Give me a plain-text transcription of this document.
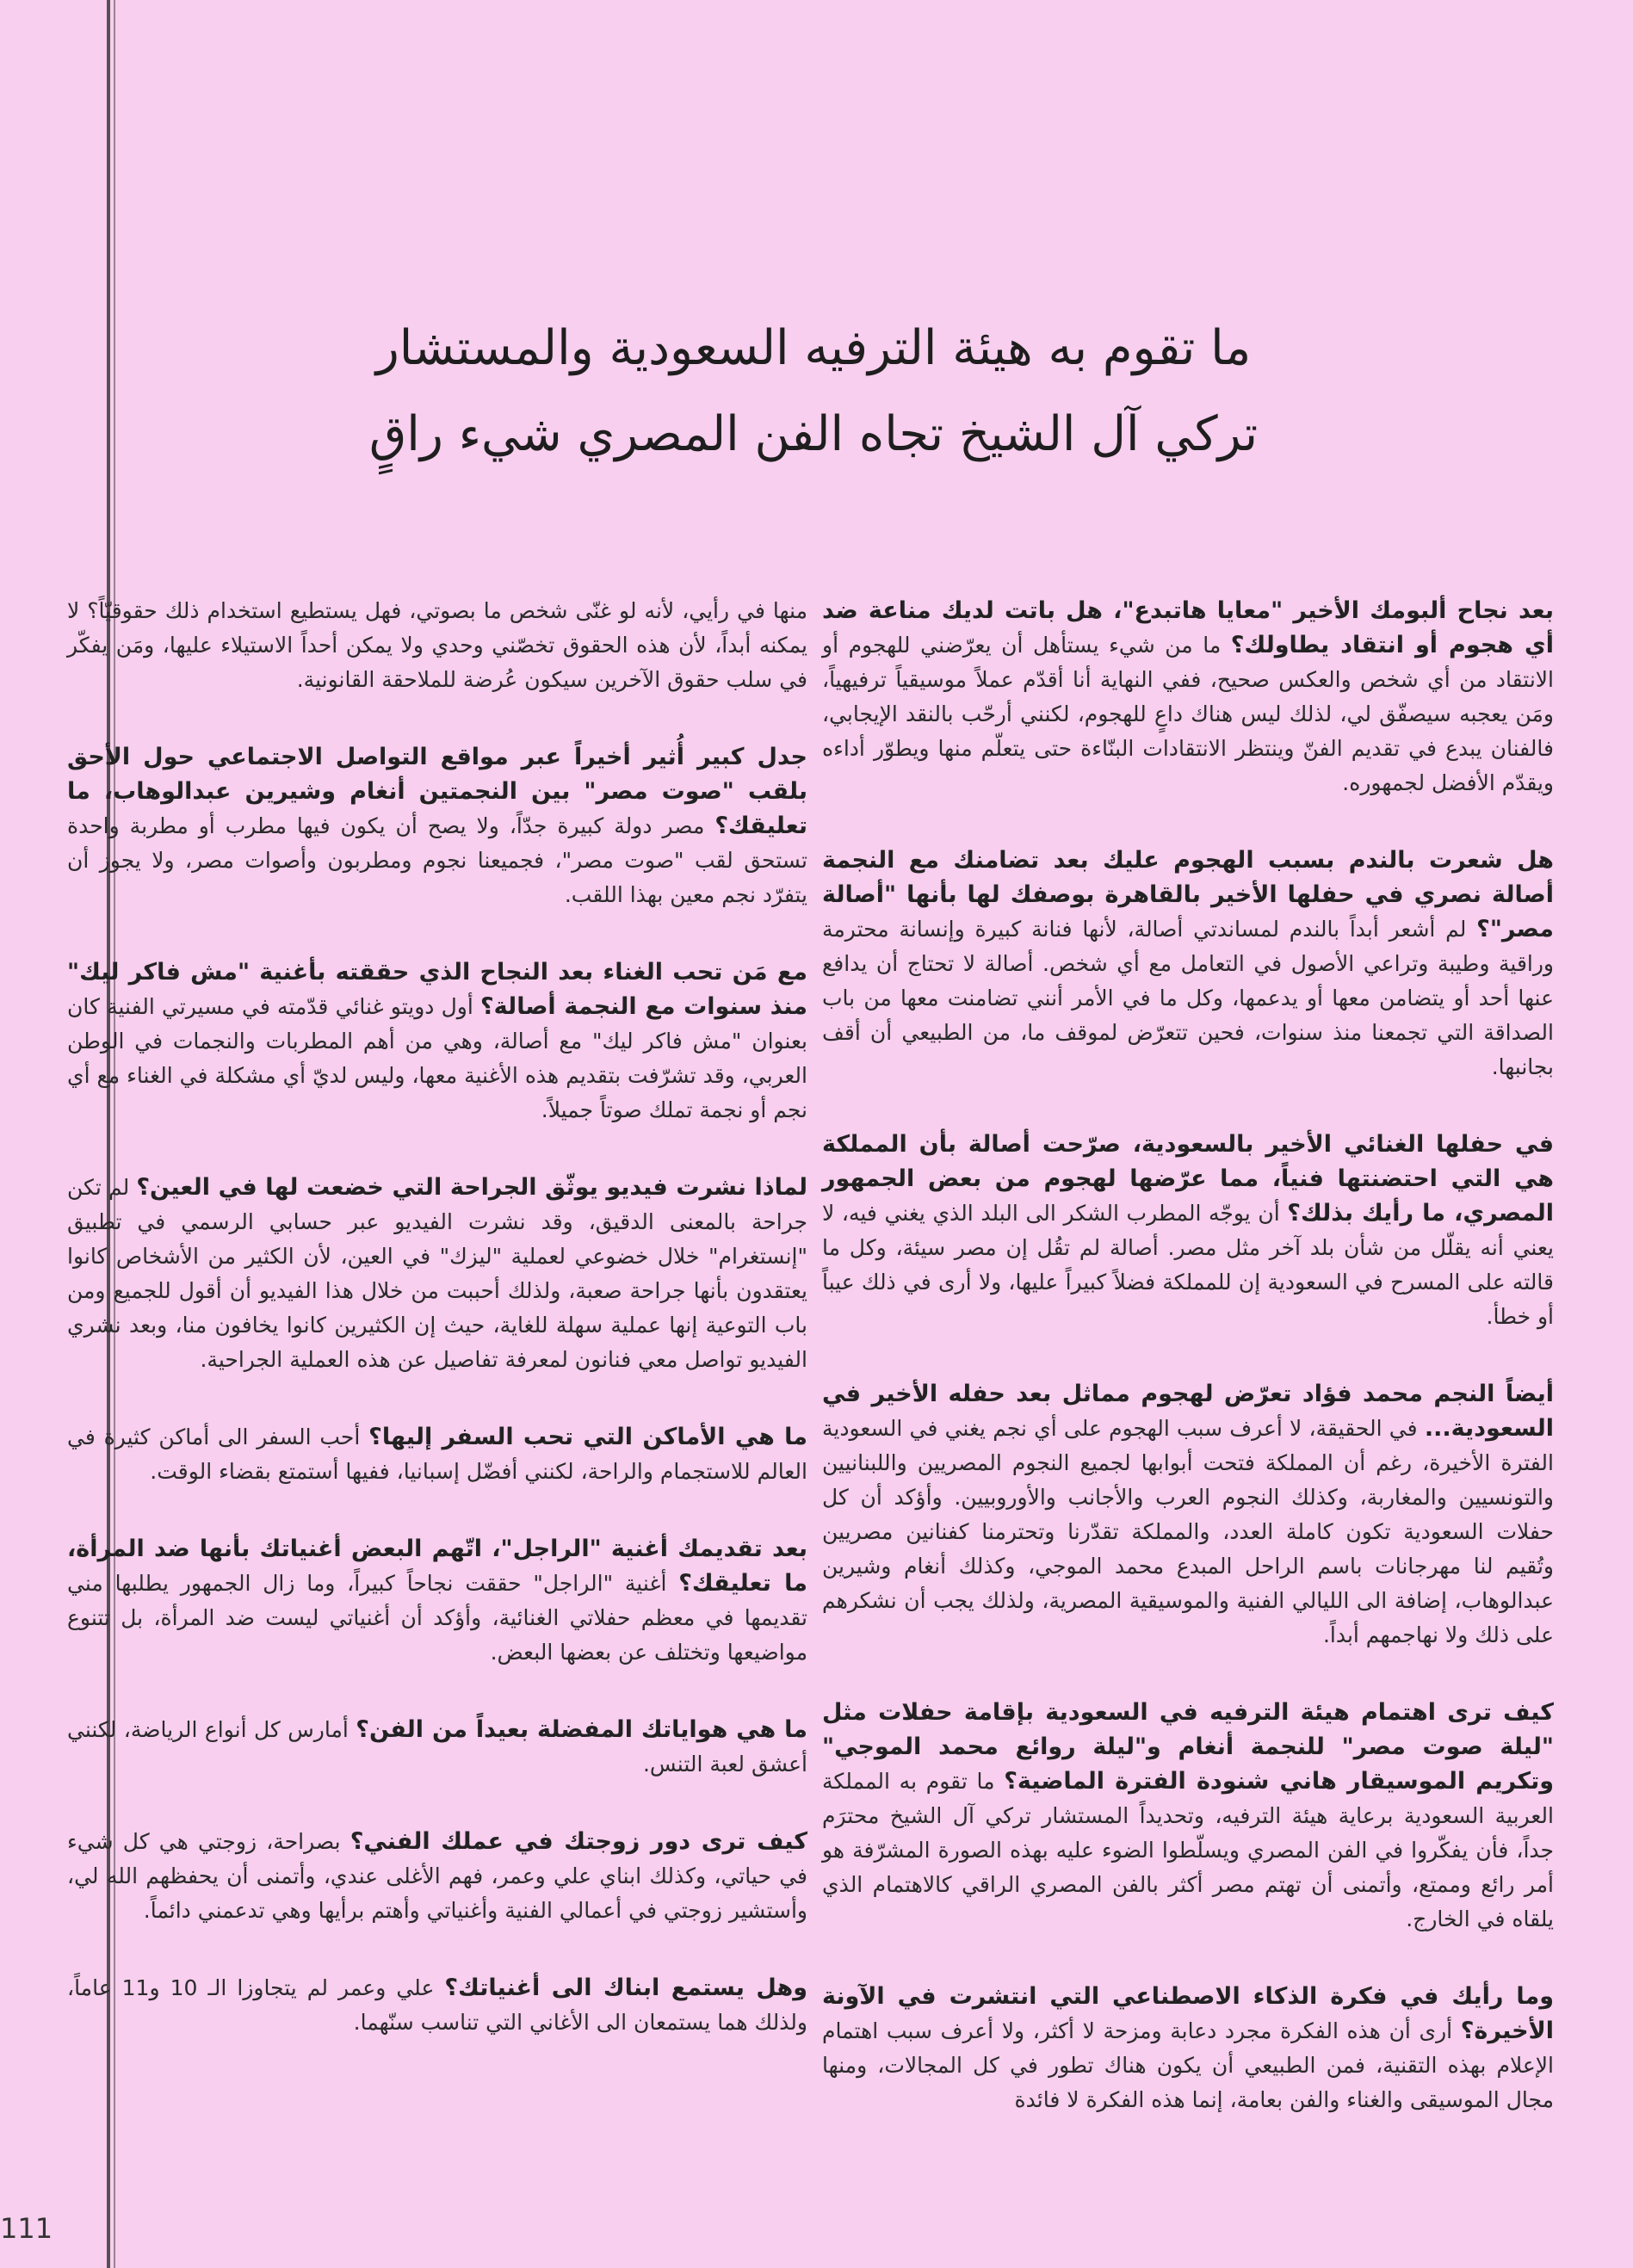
ما تقوم به هيئة الترفيه السعودية والمستشار
تركي آل الشيخ تجاه الفن المصري شيء راقٍ

بعد نجاح ألبومك الأخير "معايا هاتبدع"، هل باتت لديك مناعة ضد أي هجوم أو انتقاد يطاولك؟ ما من شيء يستأهل أن يعرّضني للهجوم أو الانتقاد من أي شخص والعكس صحيح، ففي النهاية أنا أقدّم عملاً موسيقياً ترفيهياً، ومَن يعجبه سيصفّق لي، لذلك ليس هناك داعٍ للهجوم، لكنني أرحّب بالنقد الإيجابي، فالفنان يبدع في تقديم الفنّ وينتظر الانتقادات البنّاءة حتى يتعلّم منها ويطوّر أداءه ويقدّم الأفضل لجمهوره.

هل شعرت بالندم بسبب الهجوم عليك بعد تضامنك مع النجمة أصالة نصري في حفلها الأخير بالقاهرة بوصفك لها بأنها "أصالة مصر"؟ لم أشعر أبداً بالندم لمساندتي أصالة، لأنها فنانة كبيرة وإنسانة محترمة وراقية وطيبة وتراعي الأصول في التعامل مع أي شخص. أصالة لا تحتاج أن يدافع عنها أحد أو يتضامن معها أو يدعمها، وكل ما في الأمر أنني تضامنت معها من باب الصداقة التي تجمعنا منذ سنوات، فحين تتعرّض لموقف ما، من الطبيعي أن أقف بجانبها.

في حفلها الغنائي الأخير بالسعودية، صرّحت أصالة بأن المملكة هي التي احتضنتها فنياً، مما عرّضها لهجوم من بعض الجمهور المصري، ما رأيك بذلك؟ أن يوجّه المطرب الشكر الى البلد الذي يغني فيه، لا يعني أنه يقلّل من شأن بلد آخر مثل مصر. أصالة لم تقُل إن مصر سيئة، وكل ما قالته على المسرح في السعودية إن للمملكة فضلاً كبيراً عليها، ولا أرى في ذلك عيباً أو خطأ.

أيضاً النجم محمد فؤاد تعرّض لهجوم مماثل بعد حفله الأخير في السعودية... في الحقيقة، لا أعرف سبب الهجوم على أي نجم يغني في السعودية الفترة الأخيرة، رغم أن المملكة فتحت أبوابها لجميع النجوم المصريين واللبنانيين والتونسيين والمغاربة، وكذلك النجوم العرب والأجانب والأوروبيين. وأؤكد أن كل حفلات السعودية تكون كاملة العدد، والمملكة تقدّرنا وتحترمنا كفنانين مصريين وتُقيم لنا مهرجانات باسم الراحل المبدع محمد الموجي، وكذلك أنغام وشيرين عبدالوهاب، إضافة الى الليالي الفنية والموسيقية المصرية، ولذلك يجب أن نشكرهم على ذلك ولا نهاجمهم أبداً.

كيف ترى اهتمام هيئة الترفيه في السعودية بإقامة حفلات مثل "ليلة صوت مصر" للنجمة أنغام و"ليلة روائع محمد الموجي" وتكريم الموسيقار هاني شنودة الفترة الماضية؟ ما تقوم به المملكة العربية السعودية برعاية هيئة الترفيه، وتحديداً المستشار تركي آل الشيخ محترَم جداً، فأن يفكّروا في الفن المصري ويسلّطوا الضوء عليه بهذه الصورة المشرّفة هو أمر رائع وممتع، وأتمنى أن تهتم مصر أكثر بالفن المصري الراقي كالاهتمام الذي يلقاه في الخارج.

وما رأيك في فكرة الذكاء الاصطناعي التي انتشرت في الآونة الأخيرة؟ أرى أن هذه الفكرة مجرد دعابة ومزحة لا أكثر، ولا أعرف سبب اهتمام الإعلام بهذه التقنية، فمن الطبيعي أن يكون هناك تطور في كل المجالات، ومنها مجال الموسيقى والغناء والفن بعامة، إنما هذه الفكرة لا فائدة

منها في رأيي، لأنه لو غنّى شخص ما بصوتي، فهل يستطيع استخدام ذلك حقوقيّاً؟ لا يمكنه أبداً، لأن هذه الحقوق تخصّني وحدي ولا يمكن أحداً الاستيلاء عليها، ومَن يفكّر في سلب حقوق الآخرين سيكون عُرضة للملاحقة القانونية.

جدل كبير أُثير أخيراً عبر مواقع التواصل الاجتماعي حول الأحق بلقب "صوت مصر" بين النجمتين أنغام وشيرين عبدالوهاب، ما تعليقك؟ مصر دولة كبيرة جدّاً، ولا يصح أن يكون فيها مطرب أو مطربة واحدة تستحق لقب "صوت مصر"، فجميعنا نجوم ومطربون وأصوات مصر، ولا يجوز أن يتفرّد نجم معين بهذا اللقب.

مع مَن تحب الغناء بعد النجاح الذي حققته بأغنية "مش فاكر ليك" منذ سنوات مع النجمة أصالة؟ أول دويتو غنائي قدّمته في مسيرتي الفنية كان بعنوان "مش فاكر ليك" مع أصالة، وهي من أهم المطربات والنجمات في الوطن العربي، وقد تشرّفت بتقديم هذه الأغنية معها، وليس لديّ أي مشكلة في الغناء مع أي نجم أو نجمة تملك صوتاً جميلاً.

لماذا نشرت فيديو يوثّق الجراحة التي خضعت لها في العين؟ لم تكن جراحة بالمعنى الدقيق، وقد نشرت الفيديو عبر حسابي الرسمي في تطبيق "إنستغرام" خلال خضوعي لعملية "ليزك" في العين، لأن الكثير من الأشخاص كانوا يعتقدون بأنها جراحة صعبة، ولذلك أحببت من خلال هذا الفيديو أن أقول للجميع ومن باب التوعية إنها عملية سهلة للغاية، حيث إن الكثيرين كانوا يخافون منا، وبعد نشري الفيديو تواصل معي فنانون لمعرفة تفاصيل عن هذه العملية الجراحية.

ما هي الأماكن التي تحب السفر إليها؟ أحب السفر الى أماكن كثيرة في العالم للاستجمام والراحة، لكنني أفضّل إسبانيا، ففيها أستمتع بقضاء الوقت.

بعد تقديمك أغنية "الراجل"، اتّهم البعض أغنياتك بأنها ضد المرأة، ما تعليقك؟ أغنية "الراجل" حققت نجاحاً كبيراً، وما زال الجمهور يطلبها مني تقديمها في معظم حفلاتي الغنائية، وأؤكد أن أغنياتي ليست ضد المرأة، بل تتنوع مواضيعها وتختلف عن بعضها البعض.

ما هي هواياتك المفضلة بعيداً من الفن؟ أمارس كل أنواع الرياضة، لكنني أعشق لعبة التنس.

كيف ترى دور زوجتك في عملك الفني؟ بصراحة، زوجتي هي كل شيء في حياتي، وكذلك ابناي علي وعمر، فهم الأغلى عندي، وأتمنى أن يحفظهم الله لي، وأستشير زوجتي في أعمالي الفنية وأغنياتي وأهتم برأيها وهي تدعمني دائماً.

وهل يستمع ابناك الى أغنياتك؟ علي وعمر لم يتجاوزا الـ 10 و11 عاماً، ولذلك هما يستمعان الى الأغاني التي تناسب سنّهما.

111
